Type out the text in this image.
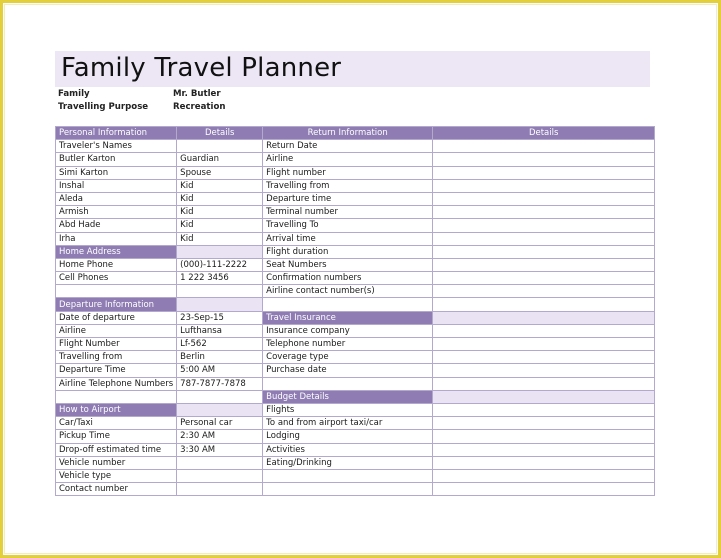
Family Travel Planner
Family	Mr. Butler
Travelling Purpose	Recreation
Personal Information	Details	Return Information	Details
Traveler's Names		Return Date	
Butler Karton	Guardian	Airline	
Simi Karton	Spouse	Flight number	
Inshal	Kid	Travelling from	
Aleda	Kid	Departure time	
Armish	Kid	Terminal number	
Abd Hade	Kid	Travelling To	
Irha	Kid	Arrival time	
Home Address		Flight duration	
Home Phone	(000)-111-2222	Seat Numbers	
Cell Phones	1 222 3456	Confirmation numbers	
		Airline contact number(s)	
Departure Information			
Date of departure	23-Sep-15	Travel Insurance	
Airline	Lufthansa	Insurance company	
Flight Number	Lf-562	Telephone number	
Travelling from	Berlin	Coverage type	
Departure Time	5:00 AM	Purchase date	
Airline Telephone Numbers	787-7877-7878		
		Budget Details	
How to Airport		Flights	
Car/Taxi	Personal car	To and from airport taxi/car	
Pickup Time	2:30 AM	Lodging	
Drop-off estimated time	3:30 AM	Activities	
Vehicle number		Eating/Drinking	
Vehicle type			
Contact number			
